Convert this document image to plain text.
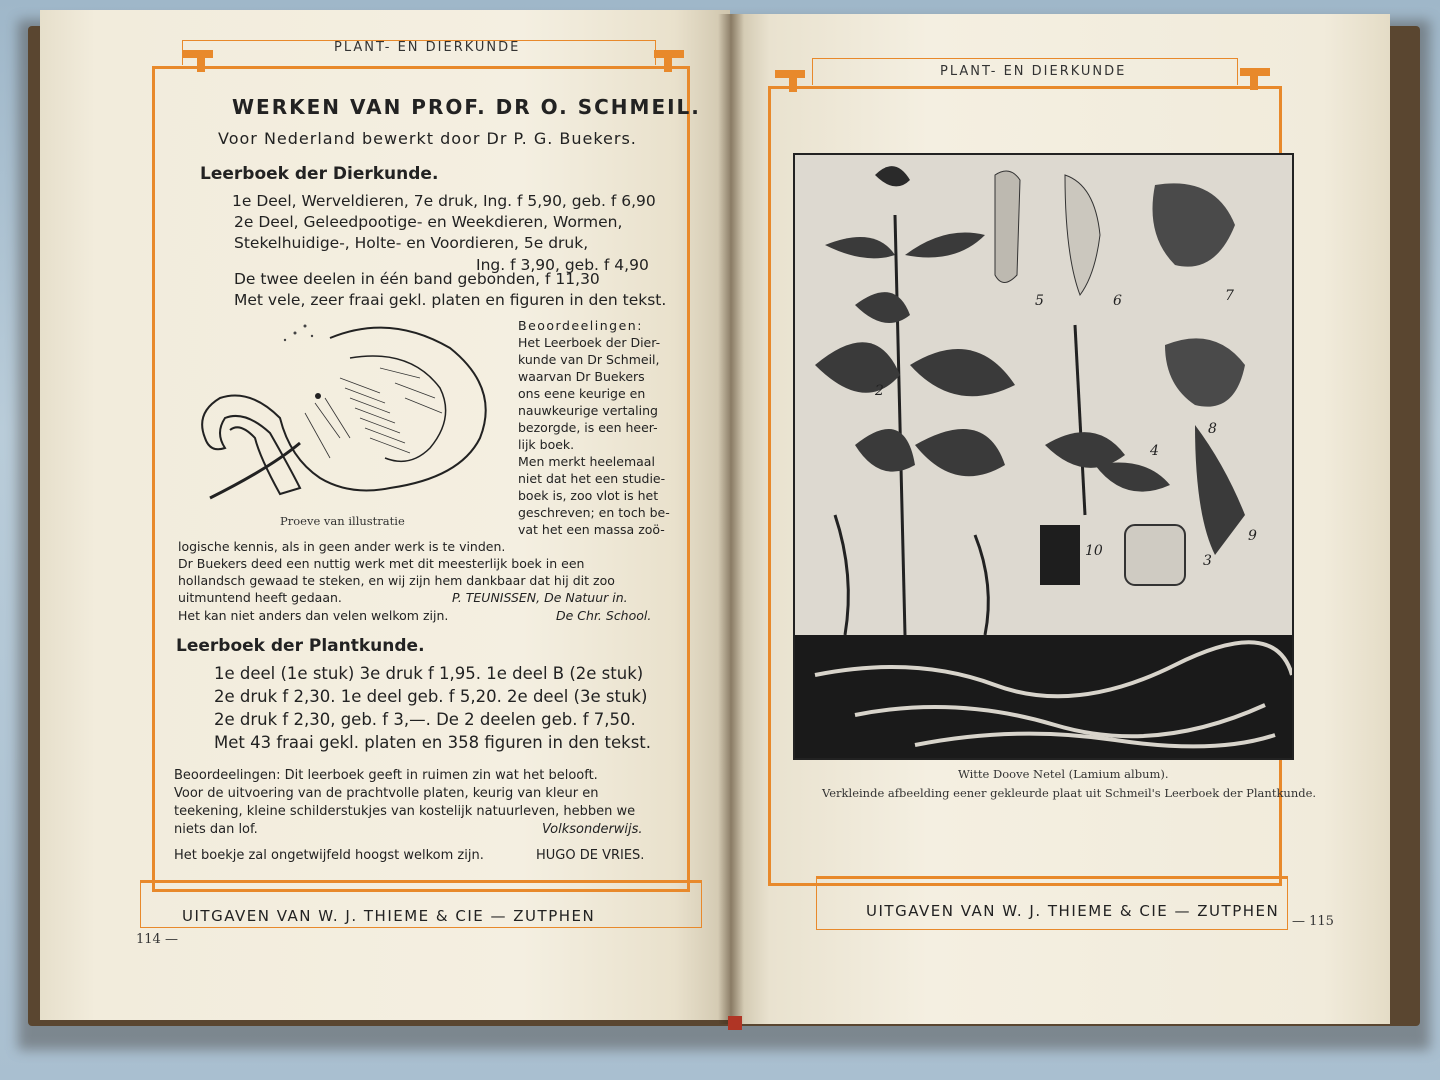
PLANT- EN DIERKUNDE
WERKEN VAN PROF. DR O. SCHMEIL.
Voor Nederland bewerkt door Dr P. G. Buekers.
Leerboek der Dierkunde.
1e Deel, Werveldieren, 7e druk, Ing. f 5,90, geb. f 6,90
2e Deel, Geleedpootige- en Weekdieren, Wormen,
Stekelhuidige-, Holte- en Voordieren, 5e druk,
Ing. f 3,90, geb. f 4,90
De twee deelen in één band gebonden, f 11,30
Met vele, zeer fraai gekl. platen en figuren in den tekst.
Proeve van illustratie
Beoordeelingen:
Het Leerboek der Dier-
kunde van Dr Schmeil,
waarvan Dr Buekers
ons eene keurige en
nauwkeurige vertaling
bezorgde, is een heer-
lijk boek.
Men merkt heelemaal
niet dat het een studie-
boek is, zoo vlot is het
geschreven; en toch be-
vat het een massa zoö-
logische kennis, als in geen ander werk is te vinden.
Dr Buekers deed een nuttig werk met dit meesterlijk boek in een
hollandsch gewaad te steken, en wij zijn hem dankbaar dat hij dit zoo
uitmuntend heeft gedaan.	P. TEUNISSEN, De Natuur in.
Het kan niet anders dan velen welkom zijn.	De Chr. School.
Leerboek der Plantkunde.
1e deel (1e stuk) 3e druk f 1,95. 1e deel B (2e stuk)
2e druk f 2,30. 1e deel geb. f 5,20. 2e deel (3e stuk)
2e druk f 2,30, geb. f 3,—. De 2 deelen geb. f 7,50.
Met 43 fraai gekl. platen en 358 figuren in den tekst.
Beoordeelingen: Dit leerboek geeft in ruimen zin wat het belooft.
Voor de uitvoering van de prachtvolle platen, keurig van kleur en
teekening, kleine schilderstukjes van kostelijk natuurleven, hebben we
niets dan lof.	Volksonderwijs.
Het boekje zal ongetwijfeld hoogst welkom zijn.	HUGO DE VRIES.
UITGAVEN VAN W. J. THIEME & CIE — ZUTPHEN
114 —
PLANT- EN DIERKUNDE
2
3
4
5	6	7
8
9
10
Witte Doove Netel (Lamium album).
Verkleinde afbeelding eener gekleurde plaat uit Schmeil's Leerboek der Plantkunde.
UITGAVEN VAN W. J. THIEME & CIE — ZUTPHEN
— 115
